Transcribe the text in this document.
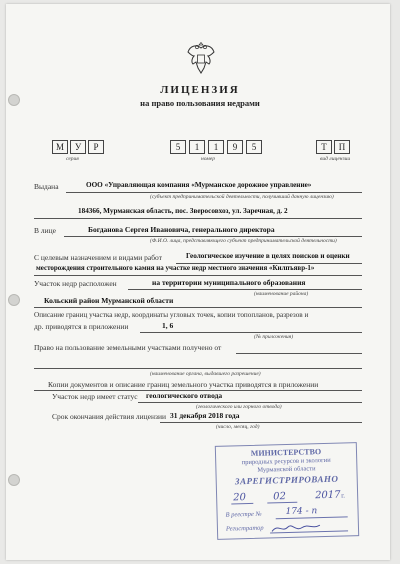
ЛИЦЕНЗИЯ
на право пользования недрами
М	У	Р
серия
5	1	1	9	5
номер
Т	П
вид лицензии
Выдана	ООО «Управляющая компания «Мурманское дорожное управление»
(субъект предпринимательской деятельности, получивший данную лицензию)
184366, Мурманская область, пос. Зверосовхоз, ул. Заречная, д. 2
В лице	Богданова Сергея Ивановича, генерального директора
(Ф.И.О. лица, представляющего субъект предпринимательской деятельности)
С целевым назначением и видами работ	Геологическое изучение в целях поисков и оценки
месторождения строительного камня на участке недр местного значения «Килпъявр-1»
Участок недр расположен	на территории муниципального образования
(наименование района)
Кольский район Мурманской области
Описание границ участка недр, координаты угловых точек, копии топопланов, разрезов и
др. приводятся в приложении	1, 6
(№ приложения)
Право на пользование земельными участками получено от
(наименование органа, выдавшего разрешение)
Копии документов и описание границ земельного участка приводятся в приложении
Участок недр имеет статус геологического отвода
(геологического или горного отвода)
Срок окончания действия лицензии 31 декабря 2018 года
(число, месяц, год)
МИНИСТЕРСТВО
природных ресурсов и экологии
Мурманской области
ЗАРЕГИСТРИРОВАНО
20	02	2017 г.
В реестре №	174 - п
Регистратор
